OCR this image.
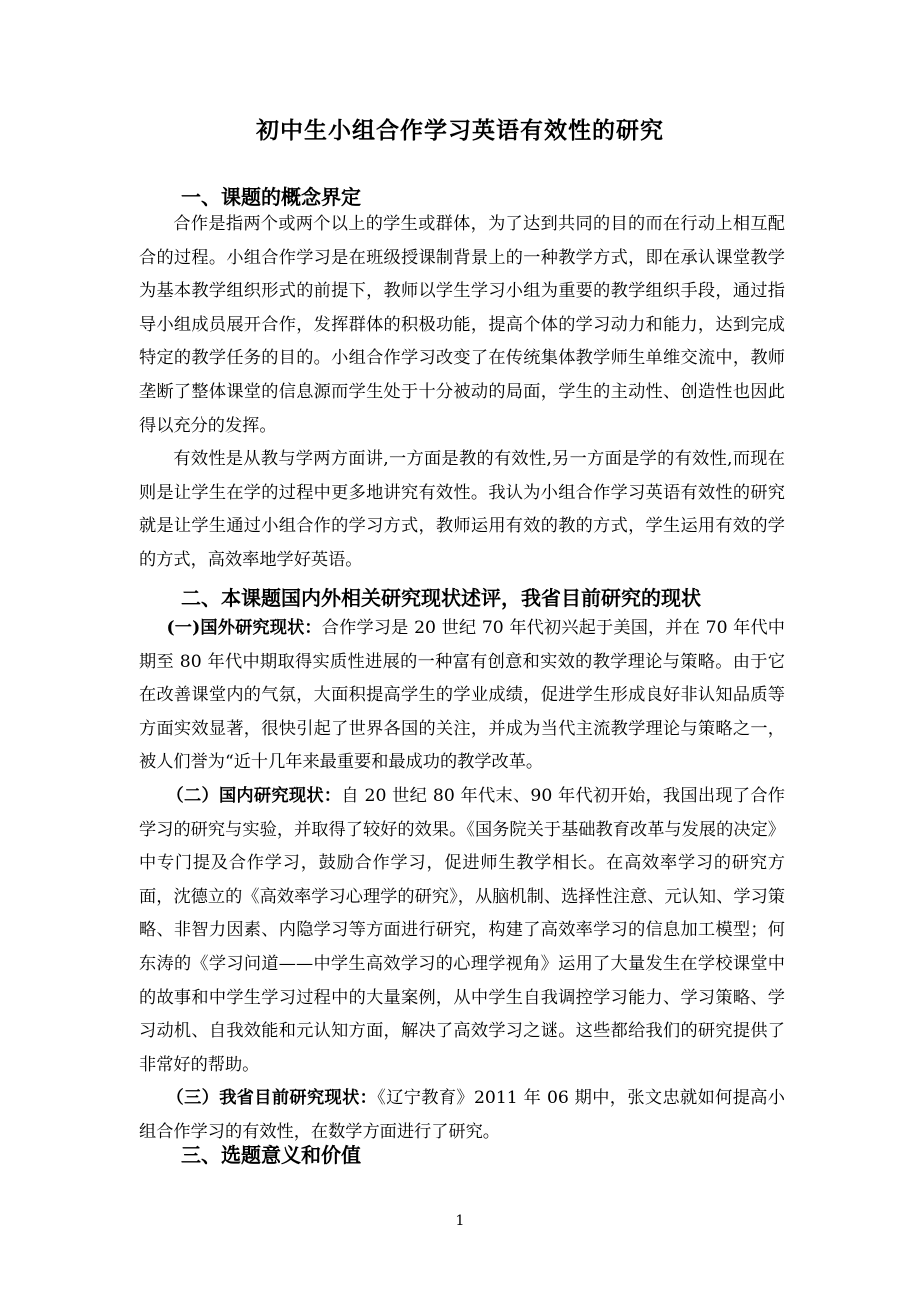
初中生小组合作学习英语有效性的研究
一、课题的概念界定

合作是指两个或两个以上的学生或群体，为了达到共同的目的而在行动上相互配合的过程。小组合作学习是在班级授课制背景上的一种教学方式，即在承认课堂教学为基本教学组织形式的前提下，教师以学生学习小组为重要的教学组织手段，通过指导小组成员展开合作，发挥群体的积极功能，提高个体的学习动力和能力，达到完成特定的教学任务的目的。小组合作学习改变了在传统集体教学师生单维交流中，教师垄断了整体课堂的信息源而学生处于十分被动的局面，学生的主动性、创造性也因此得以充分的发挥。

有效性是从教与学两方面讲,一方面是教的有效性,另一方面是学的有效性,而现在则是让学生在学的过程中更多地讲究有效性。我认为小组合作学习英语有效性的研究就是让学生通过小组合作的学习方式，教师运用有效的教的方式，学生运用有效的学的方式，高效率地学好英语。

二、本课题国内外相关研究现状述评，我省目前研究的现状

(一)国外研究现状：合作学习是 20 世纪 70 年代初兴起于美国，并在 70 年代中期至 80 年代中期取得实质性进展的一种富有创意和实效的教学理论与策略。由于它在改善课堂内的气氛，大面积提高学生的学业成绩，促进学生形成良好非认知品质等方面实效显著，很快引起了世界各国的关注，并成为当代主流教学理论与策略之一，被人们誉为“近十几年来最重要和最成功的教学改革。

（二）国内研究现状：自 20 世纪 80 年代末、90 年代初开始，我国出现了合作学习的研究与实验，并取得了较好的效果。《国务院关于基础教育改革与发展的决定》中专门提及合作学习，鼓励合作学习，促进师生教学相长。在高效率学习的研究方面，沈德立的《高效率学习心理学的研究》，从脑机制、选择性注意、元认知、学习策略、非智力因素、内隐学习等方面进行研究，构建了高效率学习的信息加工模型；何东涛的《学习问道——中学生高效学习的心理学视角》运用了大量发生在学校课堂中的故事和中学生学习过程中的大量案例，从中学生自我调控学习能力、学习策略、学习动机、自我效能和元认知方面，解决了高效学习之谜。这些都给我们的研究提供了非常好的帮助。

（三）我省目前研究现状：《辽宁教育》2011 年 06 期中，张文忠就如何提高小组合作学习的有效性，在数学方面进行了研究。

三、选题意义和价值
1
